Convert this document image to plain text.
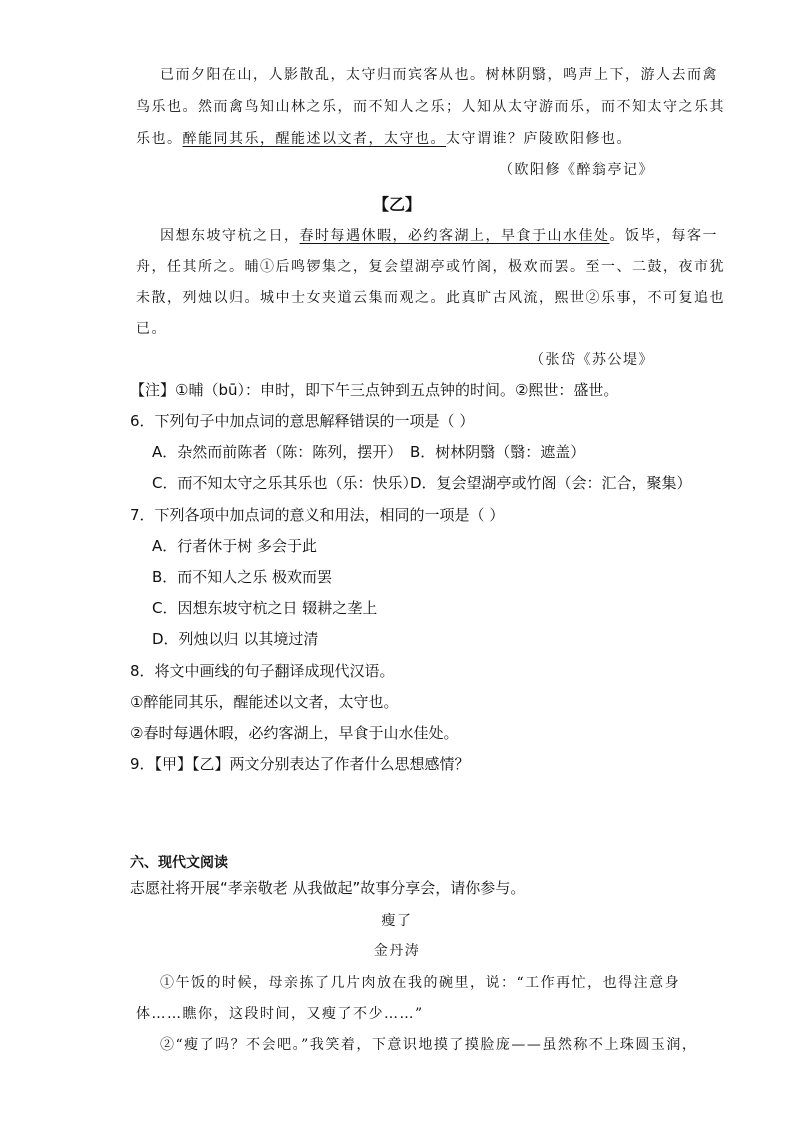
已而夕阳在山，人影散乱，太守归而宾客从也。树林阴翳，鸣声上下，游人去而禽
鸟乐也。然而禽鸟知山林之乐，而不知人之乐；人知从太守游而乐，而不知太守之乐其
乐也。醉能同其乐，醒能述以文者，太守也。太守谓谁？庐陵欧阳修也。
（欧阳修《醉翁亭记》
【乙】
因想东坡守杭之日，春时每遇休暇，必约客湖上，早食于山水佳处。饭毕，每客一
舟，任其所之。晡①后鸣锣集之，复会望湖亭或竹阁，极欢而罢。至一、二鼓，夜市犹
未散，列烛以归。城中士女夹道云集而观之。此真旷古风流，熙世②乐事，不可复追也
已。
（张岱《苏公堤》
【注】①晡（bū）：申时，即下午三点钟到五点钟的时间。②熙世：盛世。
6．下列句子中加点词的意思解释错误的一项是（ ）
A．杂然而前陈者（陈：陈列，摆开） B．树林阴翳（翳：遮盖）
C．而不知太守之乐其乐也（乐：快乐）
D．复会望湖亭或竹阁（会：汇合，聚集）
7．下列各项中加点词的意义和用法，相同的一项是（ ）
A．行者休于树 多会于此
B．而不知人之乐 极欢而罢
C．因想东坡守杭之日 辍耕之垄上
D．列烛以归 以其境过清
8．将文中画线的句子翻译成现代汉语。
①醉能同其乐，醒能述以文者，太守也。
②春时每遇休暇，必约客湖上，早食于山水佳处。
9．【甲】【乙】两文分别表达了作者什么思想感情？
六、现代文阅读
志愿社将开展“孝亲敬老 从我做起”故事分享会，请你参与。
瘦了
金丹涛
①午饭的时候，母亲拣了几片肉放在我的碗里，说：“工作再忙，也得注意身
体……瞧你，这段时间，又瘦了不少……”
②“瘦了吗？不会吧。”我笑着，下意识地摸了摸脸庞——虽然称不上珠圆玉润，
